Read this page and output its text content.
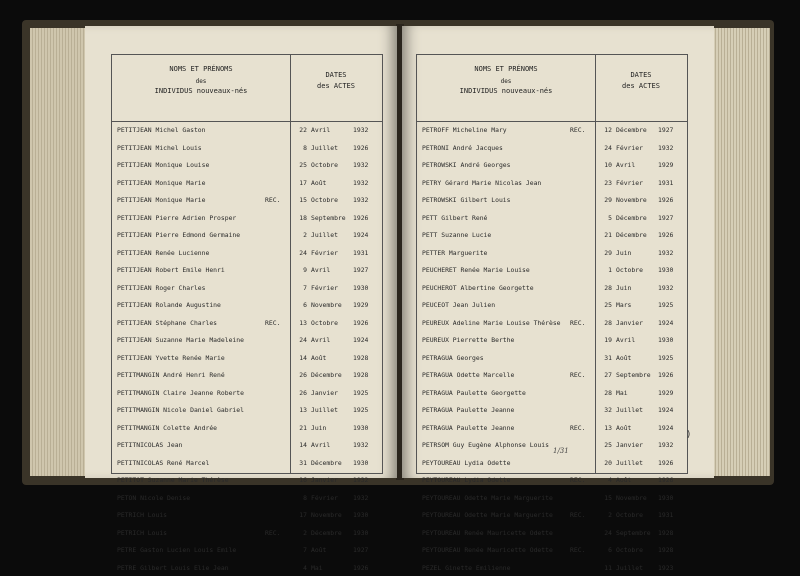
NOMS ET PRÉNOMS
des
INDIVIDUS nouveaux-nés
DATES
des ACTES
PETITJEAN Michel Gaston	22 Avril	1932
PETITJEAN Michel Louis	8 Juillet 1926
PETITJEAN Monique Louise	25 Octobre 1932
PETITJEAN Monique Marie	17 Août	1932
PETITJEAN Monique Marie	REC.	15 Octobre 1932
PETITJEAN Pierre Adrien Prosper	18 Septembre 1926
PETITJEAN Pierre Edmond Germaine	2 Juillet 1924
PETITJEAN Renée Lucienne	24 Février 1931
PETITJEAN Robert Emile Henri	9 Avril	1927
PETITJEAN Roger Charles	7 Février 1930
PETITJEAN Rolande Augustine	6 Novembre 1929
PETITJEAN Stéphane Charles	REC.	13 Octobre 1926
PETITJEAN Suzanne Marie Madeleine	24 Avril	1924
PETITJEAN Yvette Renée Marie	14 Août	1928
PETITMANGIN André Henri René	26 Décembre 1928
PETITMANGIN Claire Jeanne Roberte	26 Janvier 1925
PETITMANGIN Nicole Daniel Gabriel	13 Juillet 1925
PETITMANGIN Colette Andrée	21 Juin	1930
PETITNICOLAS Jean	14 Avril	1932
PETITNICOLAS René Marcel	31 Décembre 1930
PETITOT Suzanne Marie Thérèse	16 Janvier 1932
PETON Nicole Denise	8 Février 1932
PETRICH Louis	17 Novembre 1930
PETRICH Louis	REC.	2 Décembre 1930
PETRE Gaston Lucien Louis Emile	7 Août	1927
PETRE Gilbert Louis Elie Jean	4 Mai	1926
NOMS ET PRÉNOMS
des
INDIVIDUS nouveaux-nés
DATES
des ACTES
PETROFF Micheline Mary	REC.	12 Décembre 1927
PETRONI André Jacques	24 Février 1932
PETROWSKI André Georges	10 Avril	1929
PETRY Gérard Marie Nicolas Jean	23 Février 1931
PETROWSKI Gilbert Louis	29 Novembre 1926
PETT Gilbert René	5 Décembre 1927
PETT Suzanne Lucie	21 Décembre 1926
PETTER Marguerite	29 Juin	1932
PEUCHERET Renée Marie Louise	1 Octobre 1930
PEUCHEROT Albertine Georgette	28 Juin	1932
PEUCEOT Jean Julien	25 Mars	1925
PEUREUX Adeline Marie Louise Thérèse REC.	28 Janvier 1924
PEUREUX Pierrette Berthe	19 Avril	1930
PETRAGUA Georges	31 Août	1925
PETRAGUA Odette Marcelle	REC.	27 Septembre 1926
PETRAGUA Paulette Georgette	28 Mai	1929
PETRAGUA Paulette Jeanne	32 Juillet 1924
PETRAGUA Paulette Jeanne	REC.	13 Août	1924
PETRSOM Guy Eugène Alphonse Louis	25 Janvier 1932
PEYTOUREAU Lydia Odette	20 Juillet 1926
PEYTOUREAU Lydia Odette	REC.	4 Août	1926
PEYTOUREAU Odette Marie Marguerite	15 Novembre 1930
PEYTOUREAU Odette Marie Marguerite	REC.	2 Octobre 1931
PEYTOUREAU Renée Mauricette Odette	24 Septembre 1928
PEYTOUREAU Renée Mauricette Odette	REC.	6 Octobre 1928
PEZEL Ginette Emilienne	11 Juillet 1923
1/31
)
